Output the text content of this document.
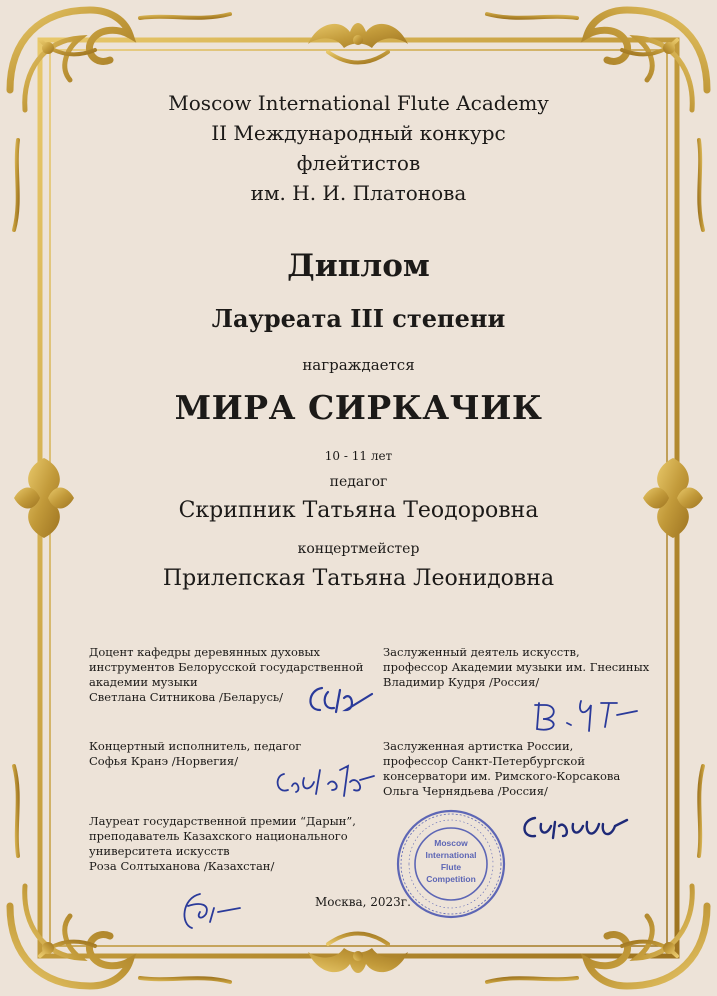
Moscow International Flute Academy
II Международный конкурс
флейтистов
им. Н. И. Платонова
Диплом
Лауреата III степени
награждается
МИРА СИРКАЧИК
10 - 11 лет
педагог
Скрипник Татьяна Теодоровна
концертмейстер
Прилепская Татьяна Леонидовна
Доцент кафедры деревянных духовых
инструментов Белорусской государственной
академии музыки
Светлана Ситникова /Беларусь/
Заслуженный деятель искусств,
профессор Академии музыки им. Гнесиных
Владимир Кудря /Россия/
Концертный исполнитель, педагог
Софья Кранэ /Норвегия/
Заслуженная артистка России,
профессор Санкт-Петербургской
консерватори им. Римского-Корсакова
Ольга Чернядьева /Россия/
Лауреат государственной премии “Дарын”,
преподаватель Казахского национального
университета искусств
Роза Солтыханова /Казахстан/
Москва, 2023г.
Moscow
International
Flute
Competition
